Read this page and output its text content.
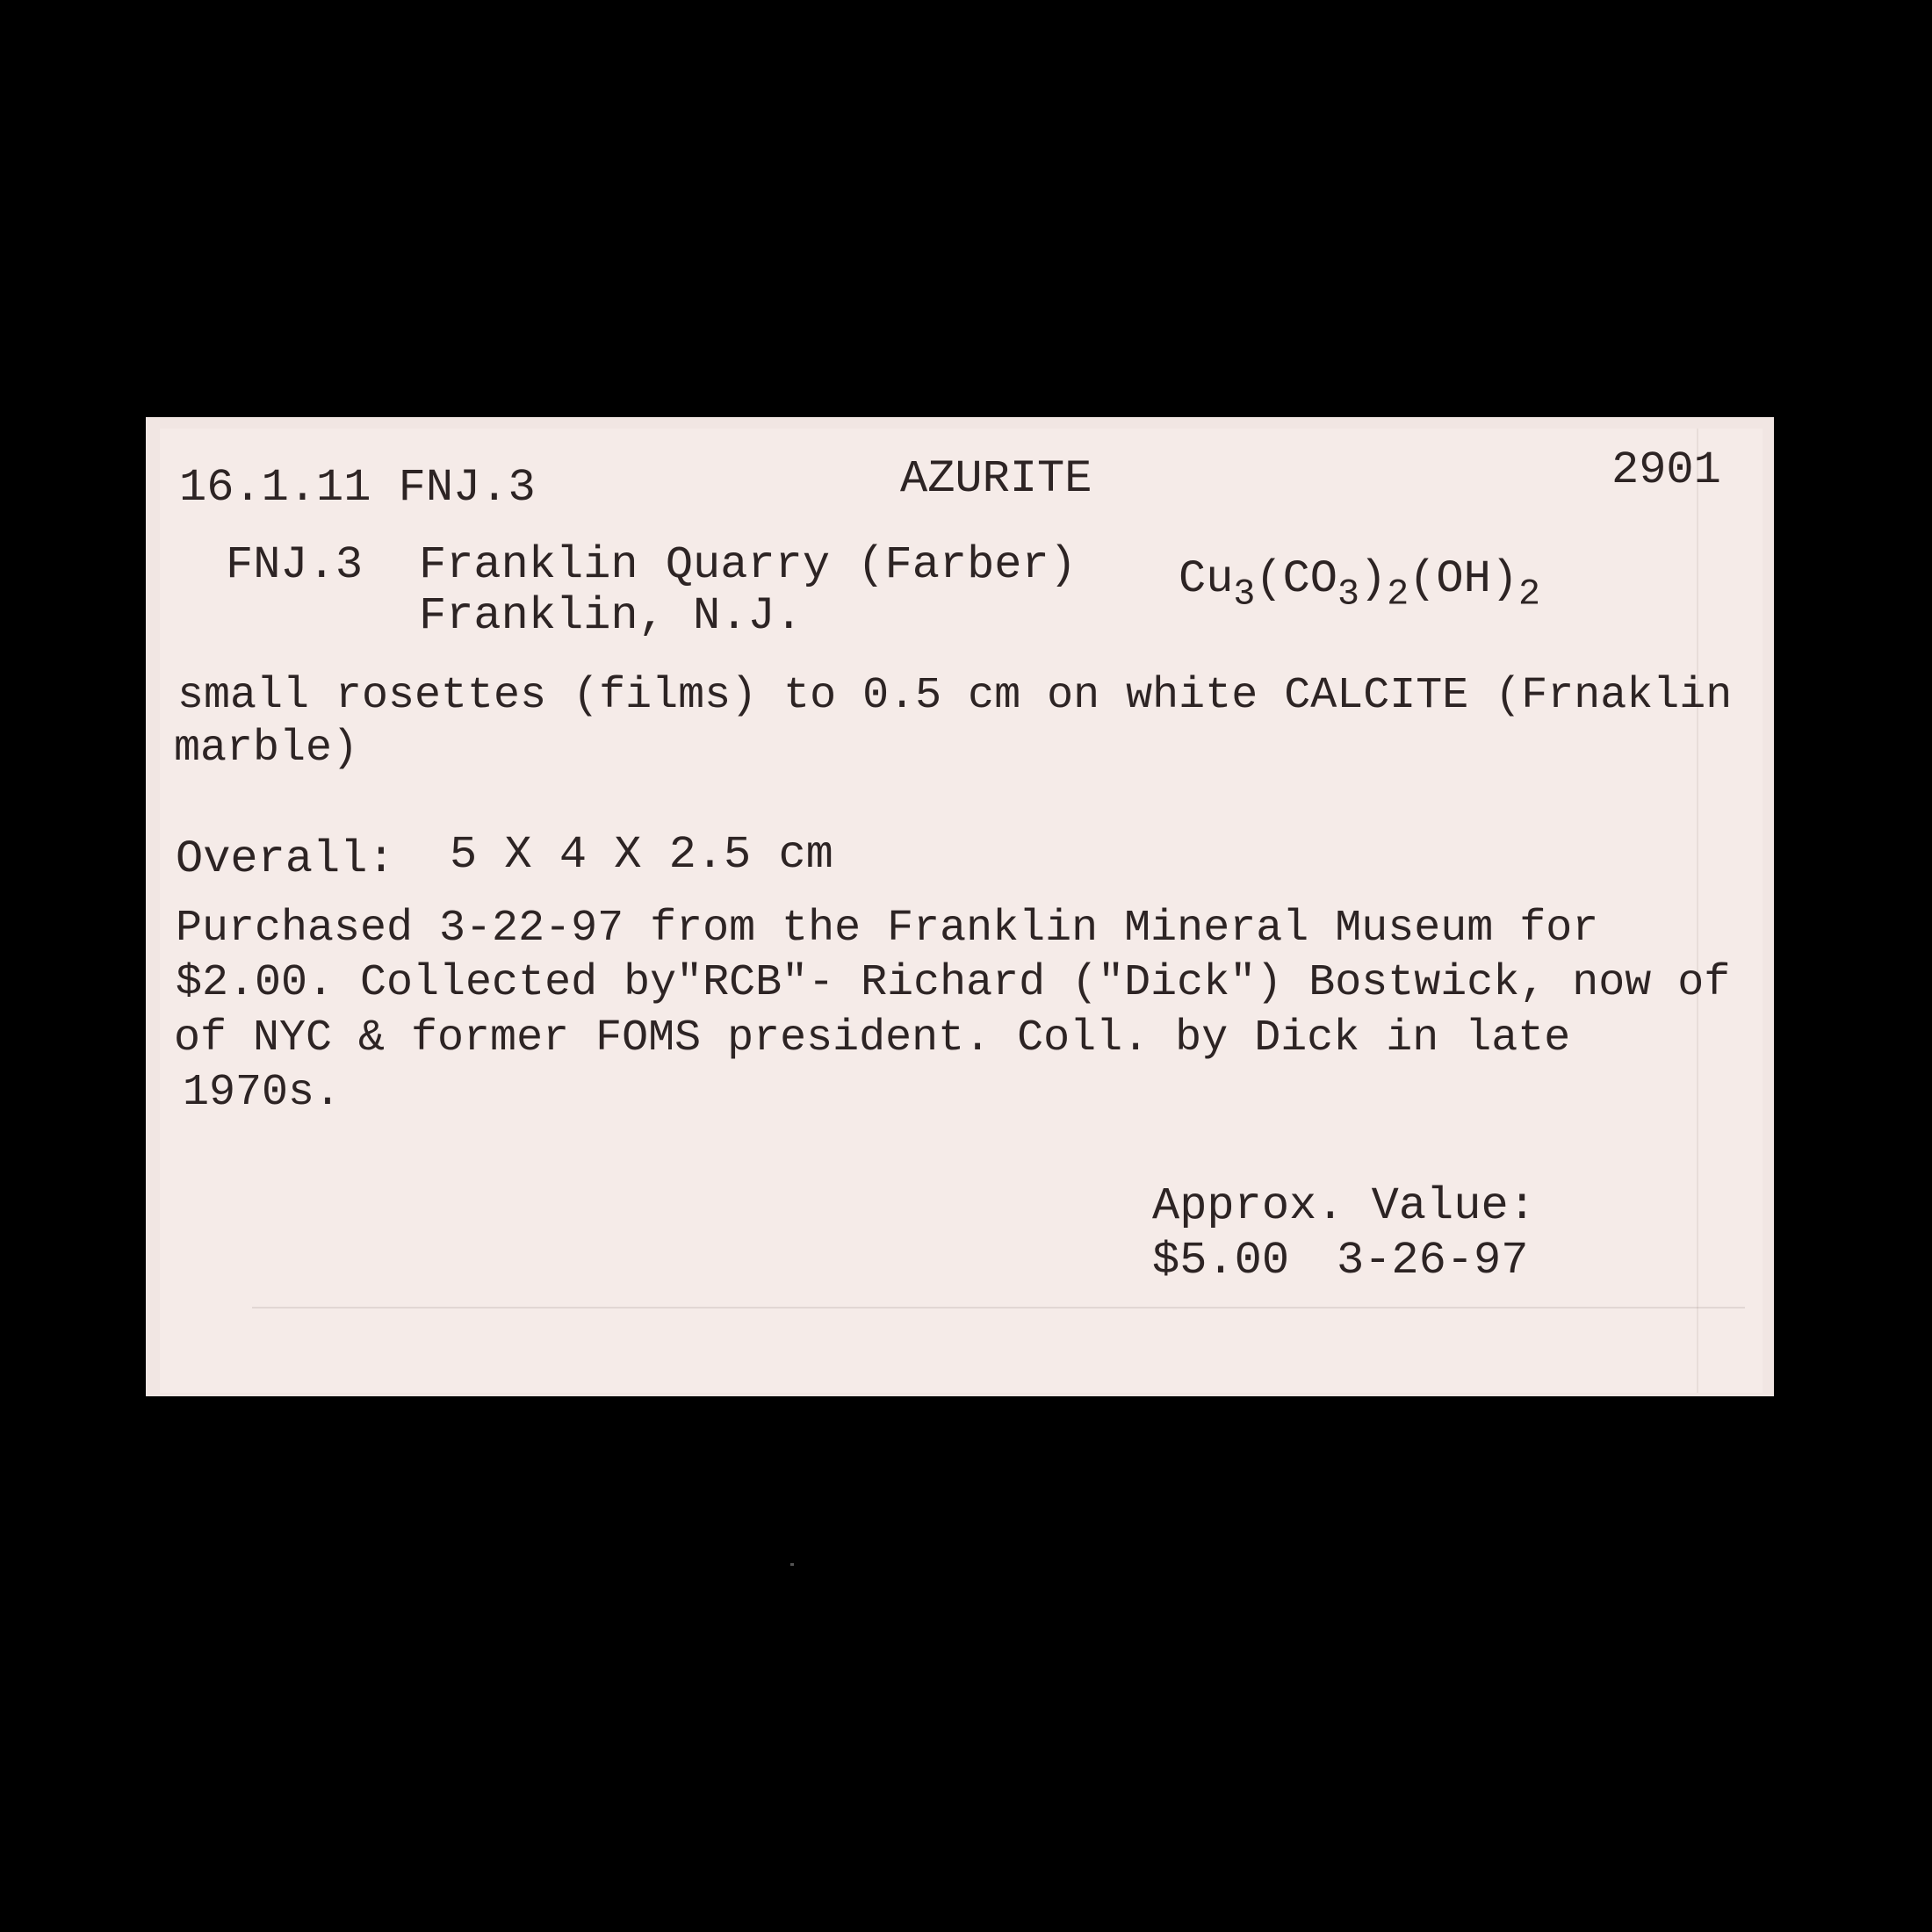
16.1.11 FNJ.3	AZURITE	2901
FNJ.3 Franklin Quarry (Farber)
Franklin, N.J.
$Cu_3(CO_3)_2(OH)_2$
small rosettes (films) to 0.5 cm on white CALCITE (Frnaklin
marble)
Overall: 5 X 4 X 2.5 cm
Purchased 3-22-97 from the Franklin Mineral Museum for
$2.00. Collected by"RCB"- Richard ("Dick") Bostwick, now of
of NYC & former FOMS president. Coll. by Dick in late
1970s.
Approx. Value:
$5.00 3-26-97
